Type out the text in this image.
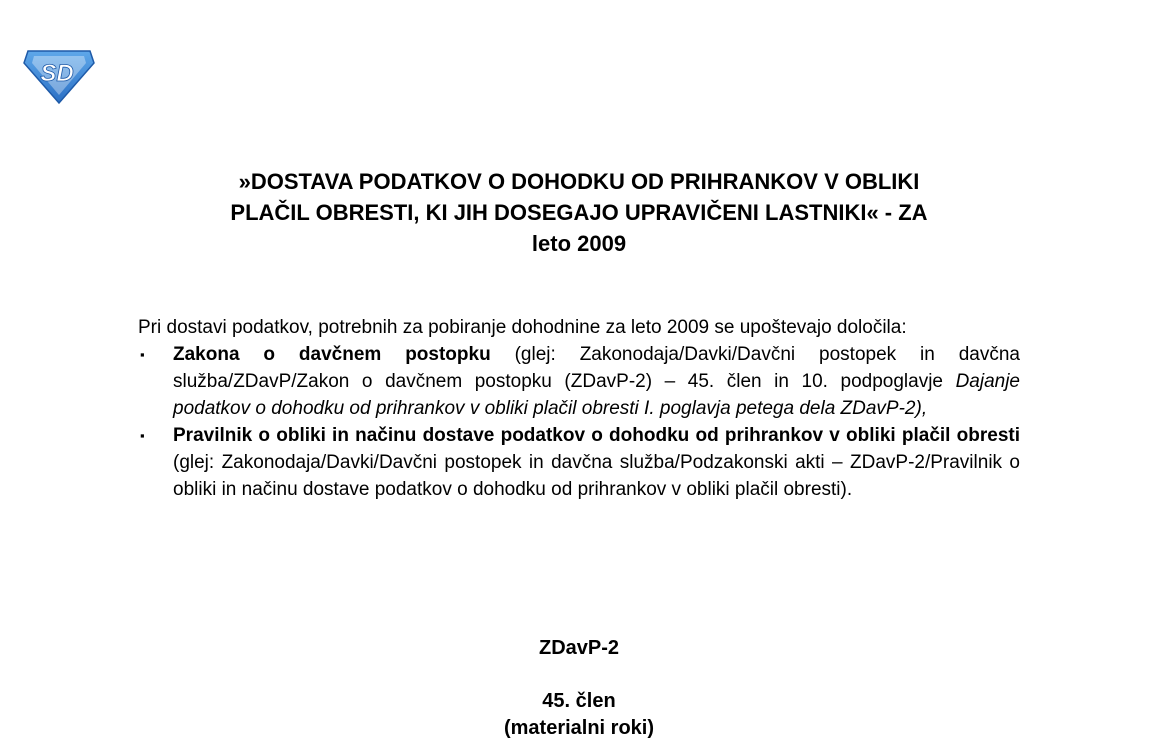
SD
»DOSTAVA PODATKOV O DOHODKU OD PRIHRANKOV V OBLIKI
PLAČIL OBRESTI, KI JIH DOSEGAJO UPRAVIČENI LASTNIKI« - ZA
leto 2009

Pri dostavi podatkov, potrebnih za pobiranje dohodnine za leto 2009 se upoštevajo določila:

▪ Zakona o davčnem postopku (glej: Zakonodaja/Davki/Davčni postopek in davčna služba/ZDavP/Zakon o davčnem postopku (ZDavP-2) – 45. člen in 10. podpoglavje Dajanje podatkov o dohodku od prihrankov v obliki plačil obresti I. poglavja petega dela ZDavP-2),
▪ Pravilnik o obliki in načinu dostave podatkov o dohodku od prihrankov v obliki plačil obresti (glej: Zakonodaja/Davki/Davčni postopek in davčna služba/Podzakonski akti – ZDavP-2/Pravilnik o obliki in načinu dostave podatkov o dohodku od prihrankov v obliki plačil obresti).
ZDavP-2
45. člen
(materialni roki)
